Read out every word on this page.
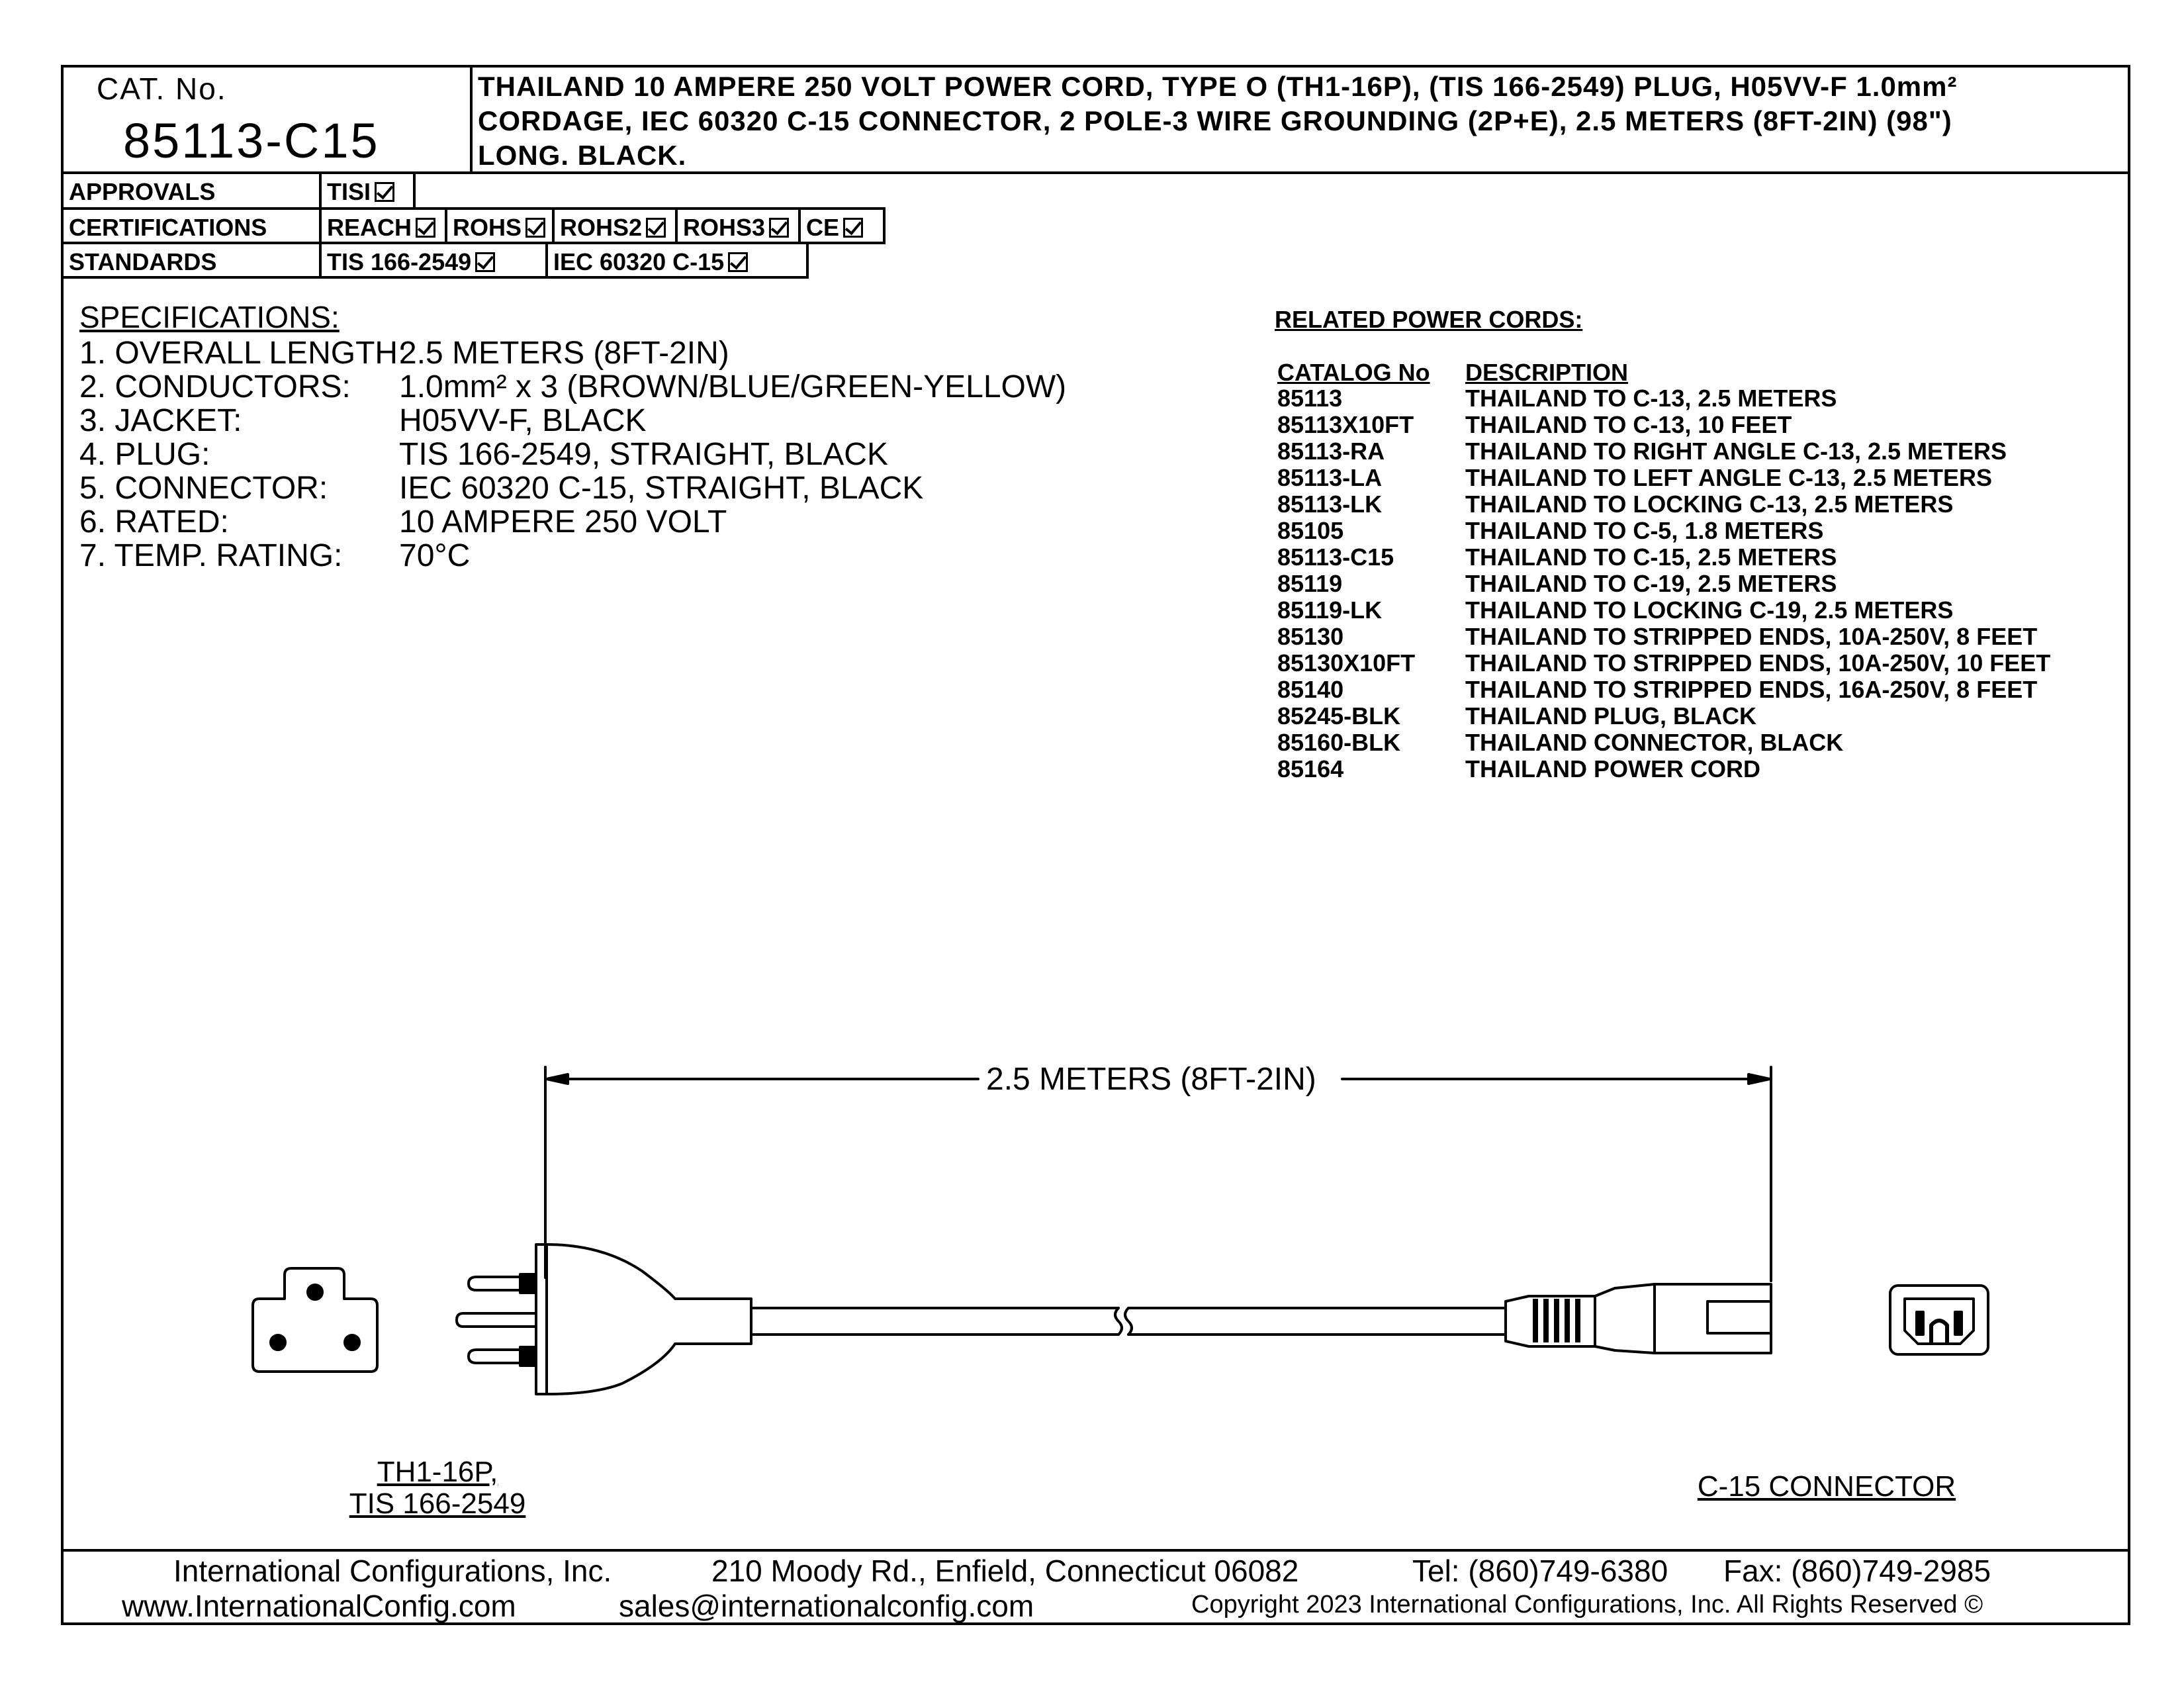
CAT. No.
85113-C15
THAILAND 10 AMPERE 250 VOLT POWER CORD, TYPE O (TH1-16P), (TIS 166-2549) PLUG, H05VV-F 1.0mm²
CORDAGE, IEC 60320 C-15 CONNECTOR, 2 POLE-3 WIRE GROUNDING (2P+E), 2.5 METERS (8FT-2IN) (98")
LONG. BLACK.
APPROVALS	TISI
CERTIFICATIONS	REACH	ROHS	ROHS2	ROHS3	CE
STANDARDS	TIS 166-2549	IEC 60320 C-15
SPECIFICATIONS:
1. OVERALL LENGTH:
2.5 METERS (8FT-2IN)
2. CONDUCTORS: 1.0mm² x 3 (BROWN/BLUE/GREEN-YELLOW)
3. JACKET:	H05VV-F, BLACK
4. PLUG:	TIS 166-2549, STRAIGHT, BLACK
5. CONNECTOR: IEC 60320 C-15, STRAIGHT, BLACK
6. RATED:	10 AMPERE 250 VOLT
7. TEMP. RATING: 70°C
RELATED POWER CORDS:
CATALOG No DESCRIPTION
85113	THAILAND TO C-13, 2.5 METERS
85113X10FT THAILAND TO C-13, 10 FEET
85113-RA	THAILAND TO RIGHT ANGLE C-13, 2.5 METERS
85113-LA	THAILAND TO LEFT ANGLE C-13, 2.5 METERS
85113-LK	THAILAND TO LOCKING C-13, 2.5 METERS
85105	THAILAND TO C-5, 1.8 METERS
85113-C15	THAILAND TO C-15, 2.5 METERS
85119	THAILAND TO C-19, 2.5 METERS
85119-LK	THAILAND TO LOCKING C-19, 2.5 METERS
85130	THAILAND TO STRIPPED ENDS, 10A-250V, 8 FEET
85130X10FT THAILAND TO STRIPPED ENDS, 10A-250V, 10 FEET
85140	THAILAND TO STRIPPED ENDS, 16A-250V, 8 FEET
85245-BLK	THAILAND PLUG, BLACK
85160-BLK	THAILAND CONNECTOR, BLACK
85164	THAILAND POWER CORD
2.5 METERS (8FT-2IN)
TH1-16P,
TIS 166-2549
C-15 CONNECTOR
International Configurations, Inc.	210 Moody Rd., Enfield, Connecticut 06082	Tel: (860)749-6380 Fax: (860)749-2985
www.InternationalConfig.com	sales@internationalconfig.com	Copyright 2023 International Configurations, Inc. All Rights Reserved ©
